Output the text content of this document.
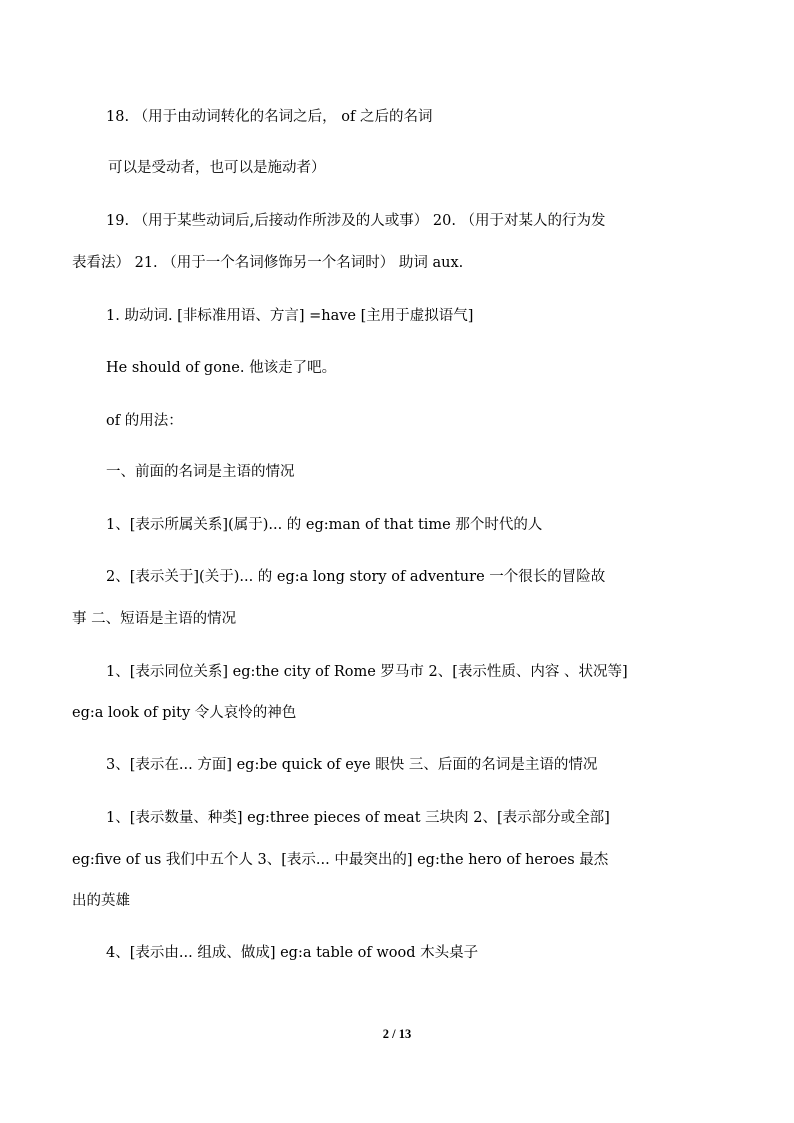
18. （用于由动词转化的名词之后， of 之后的名词
可以是受动者，也可以是施动者）
19. （用于某些动词后,后接动作所涉及的人或事） 20. （用于对某人的行为发
表看法） 21. （用于一个名词修饰另一个名词时） 助词 aux.
1. 助动词. [非标准用语、方言] =have [主用于虚拟语气]
He should of gone. 他该走了吧。
of 的用法：
一、前面的名词是主语的情况
1、[表示所属关系](属于)... 的 eg:man of that time 那个时代的人
2、[表示关于](关于)... 的 eg:a long story of adventure 一个很长的冒险故
事 二、短语是主语的情况
1、[表示同位关系] eg:the city of Rome 罗马市 2、[表示性质、内容 、状况等]
eg:a look of pity 令人哀怜的神色
3、[表示在... 方面] eg:be quick of eye 眼快 三、后面的名词是主语的情况
1、[表示数量、种类] eg:three pieces of meat 三块肉 2、[表示部分或全部]
eg:five of us 我们中五个人 3、[表示... 中最突出的] eg:the hero of heroes 最杰
出的英雄
4、[表示由... 组成、做成] eg:a table of wood 木头桌子
2 / 13
